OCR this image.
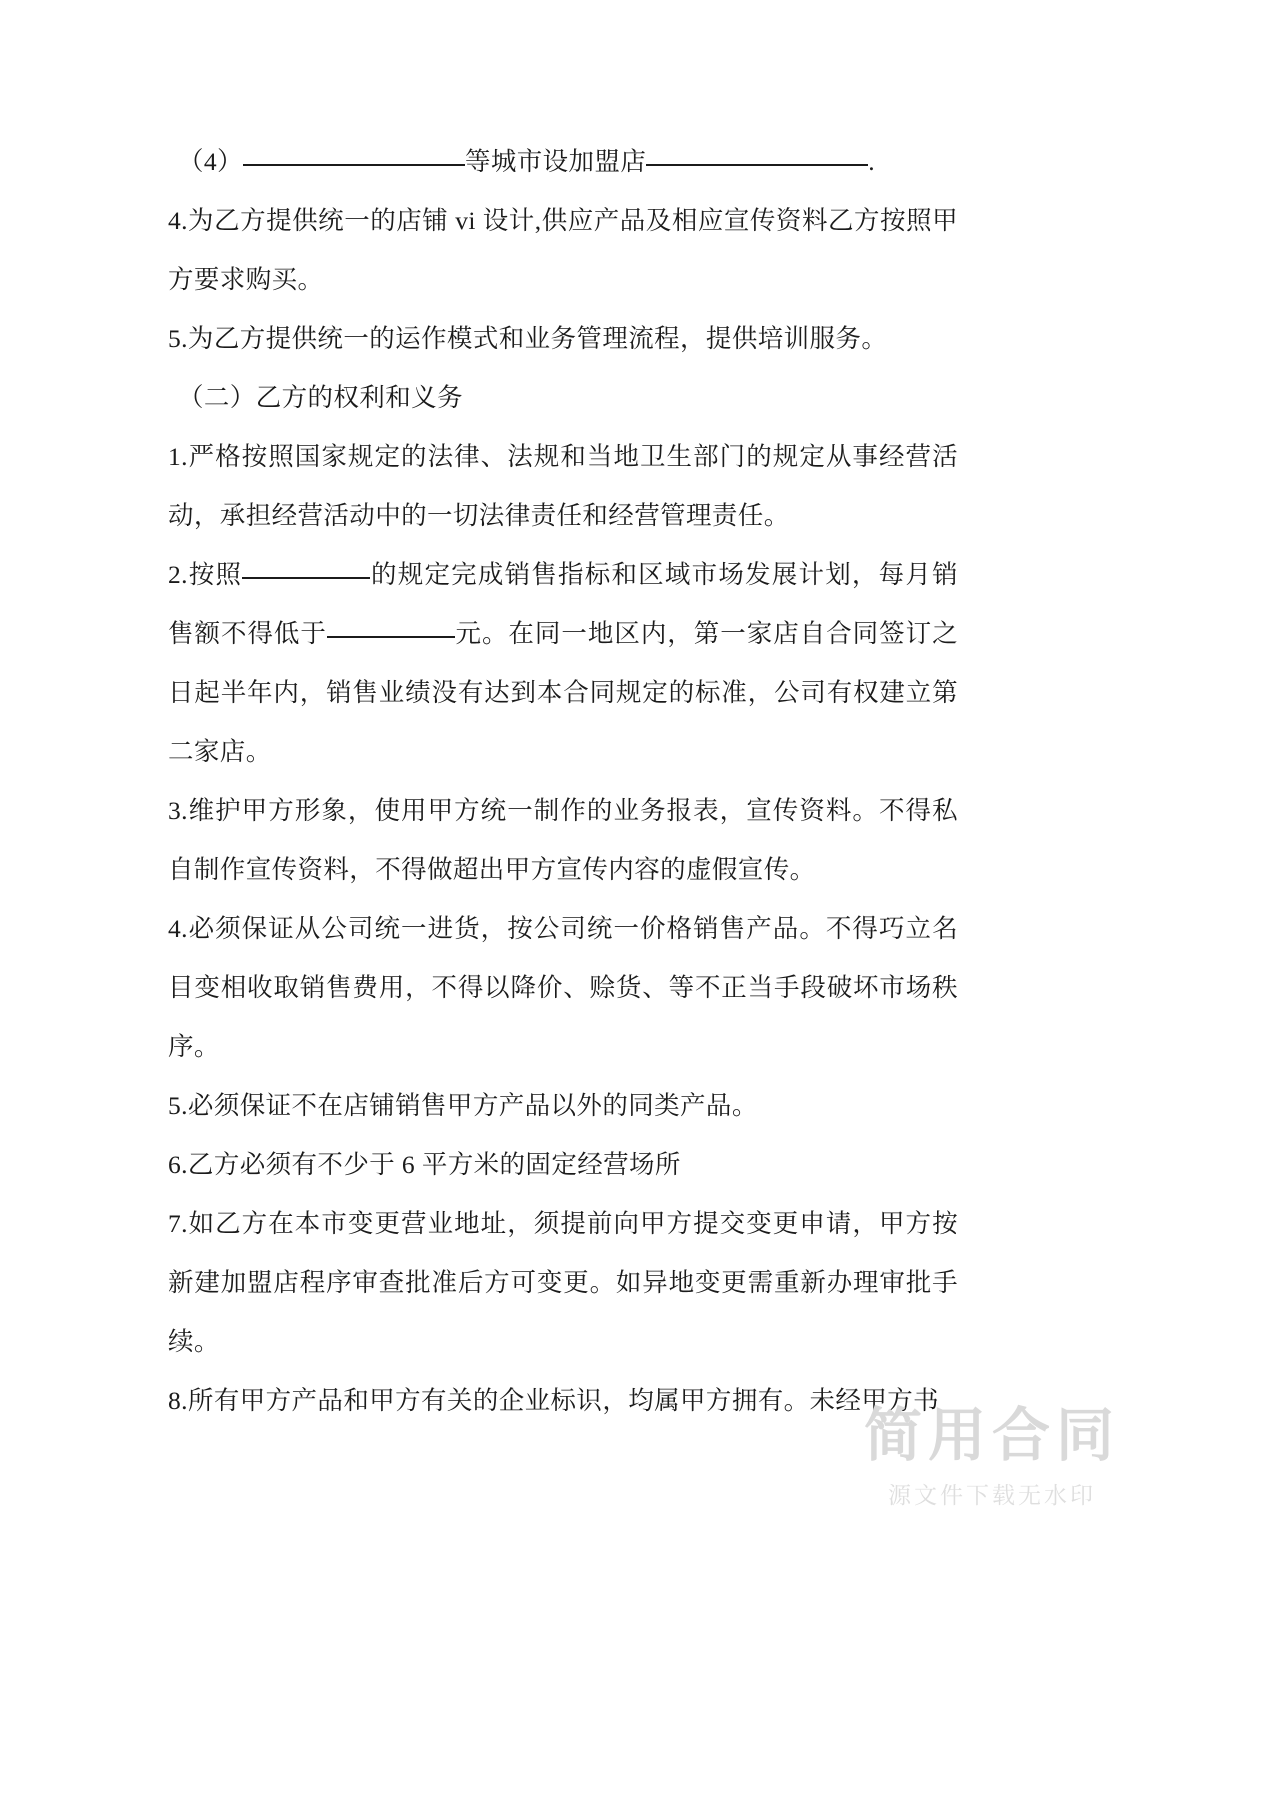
（4）	等城市设加盟店	.

4.为乙方提供统一的店铺 vi 设计,供应产品及相应宣传资料乙方按照甲方要求购买。

5.为乙方提供统一的运作模式和业务管理流程，提供培训服务。

（二）乙方的权利和义务

1.严格按照国家规定的法律、法规和当地卫生部门的规定从事经营活动，承担经营活动中的一切法律责任和经营管理责任。

2.按照	的规定完成销售指标和区域市场发展计划，每月销售额不得低于	元。在同一地区内，第一家店自合同签订之日起半年内，销售业绩没有达到本合同规定的标准，公司有权建立第二家店。

3.维护甲方形象，使用甲方统一制作的业务报表，宣传资料。不得私自制作宣传资料，不得做超出甲方宣传内容的虚假宣传。

4.必须保证从公司统一进货，按公司统一价格销售产品。不得巧立名目变相收取销售费用，不得以降价、赊货、等不正当手段破坏市场秩序。

5.必须保证不在店铺销售甲方产品以外的同类产品。

6.乙方必须有不少于 6 平方米的固定经营场所

7.如乙方在本市变更营业地址，须提前向甲方提交变更申请，甲方按新建加盟店程序审查批准后方可变更。如异地变更需重新办理审批手续。

8.所有甲方产品和甲方有关的企业标识，均属甲方拥有。未经甲方书

简用合同
源文件下载无水印
